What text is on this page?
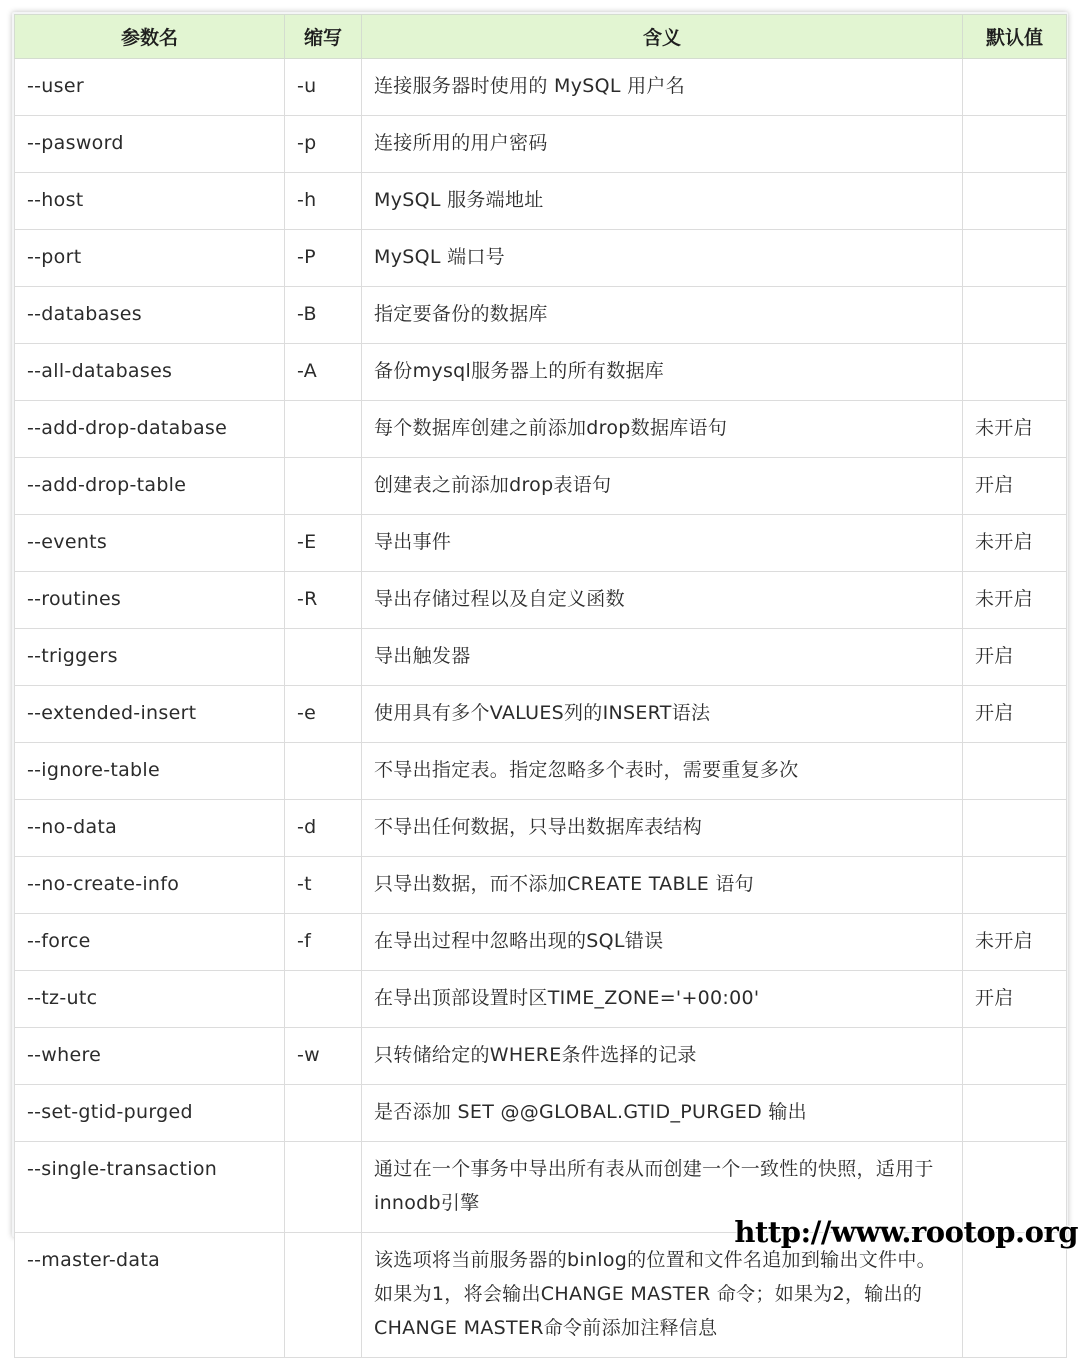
参数名	缩写	含义	默认值
--user	-u	连接服务器时使用的 MySQL 用户名	
--pasword	-p	连接所用的用户密码	
--host	-h	MySQL 服务端地址	
--port	-P	MySQL 端口号	
--databases	-B	指定要备份的数据库	
--all-databases	-A	备份mysql服务器上的所有数据库	
--add-drop-database		每个数据库创建之前添加drop数据库语句	未开启
--add-drop-table		创建表之前添加drop表语句	开启
--events	-E	导出事件	未开启
--routines	-R	导出存储过程以及自定义函数	未开启
--triggers		导出触发器	开启
--extended-insert	-e	使用具有多个VALUES列的INSERT语法	开启
--ignore-table		不导出指定表。指定忽略多个表时，需要重复多次	
--no-data	-d	不导出任何数据，只导出数据库表结构	
--no-create-info	-t	只导出数据，而不添加CREATE TABLE 语句	
--force	-f	在导出过程中忽略出现的SQL错误	未开启
--tz-utc		在导出顶部设置时区TIME_ZONE='+00:00'	开启
--where	-w	只转储给定的WHERE条件选择的记录	
--set-gtid-purged		是否添加 SET @@GLOBAL.GTID_PURGED 输出	
--single-transaction		通过在一个事务中导出所有表从而创建一个一致性的快照，适用于innodb引擎	
--master-data		该选项将当前服务器的binlog的位置和文件名追加到输出文件中。如果为1，将会输出CHANGE MASTER 命令；如果为2，输出的CHANGE MASTER命令前添加注释信息	
http://www.rootop.org
